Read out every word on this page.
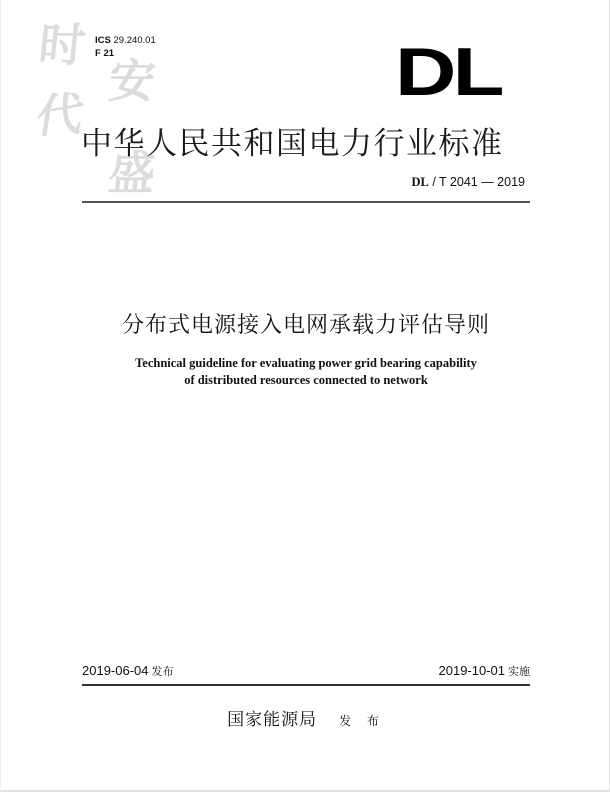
时
代
安
盛
ICS 29.240.01
F 21	DL
中华人民共和国电力行业标准
DL / T 2041 — 2019
分布式电源接入电网承载力评估导则
Technical guideline for evaluating power grid bearing capability
of distributed resources connected to network
2019-06-04 发布	2019-10-01 实施
国家能源局 发 布
